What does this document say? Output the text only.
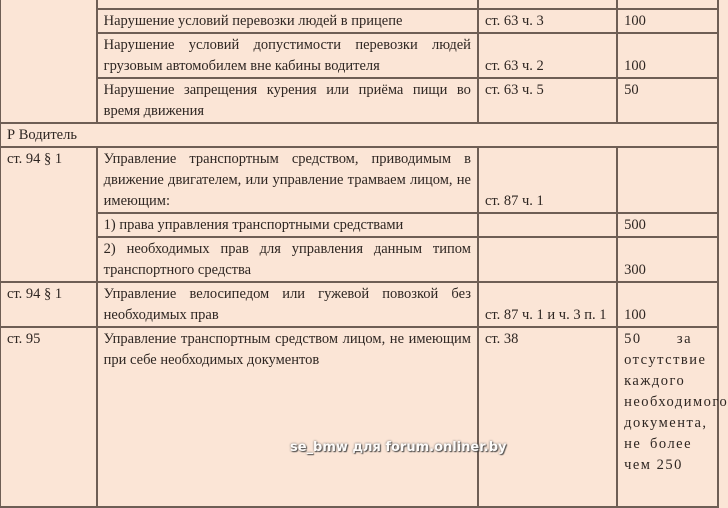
	Нарушение условий перевозки людей в прицепе	ст. 63 ч. 3	100
	Нарушение условий допустимости перевозки людей грузовым автомобилем вне кабины водителя	ст. 63 ч. 2	100
	Нарушение запрещения курения или приёма пищи во время движения	ст. 63 ч. 5	50
Р Водитель			
ст. 94 § 1	Управление транспортным средством, приводимым в движение двигателем, или управление трамваем лицом, не имеющим:	ст. 87 ч. 1	
	1) права управления транспортными средствами		500
	2) необходимых прав для управления данным типом транспортного средства		300
ст. 94 § 1	Управление велосипедом или гужевой повозкой без необходимых прав	ст. 87 ч. 1 и ч. 3 п. 1	100
ст. 95	Управление транспортным средством лицом, не имеющим при себе необходимых документов	ст. 38	50 за отсутствие каждого необходимого документа, не более чем 250
se_bmw для forum.onliner.by
